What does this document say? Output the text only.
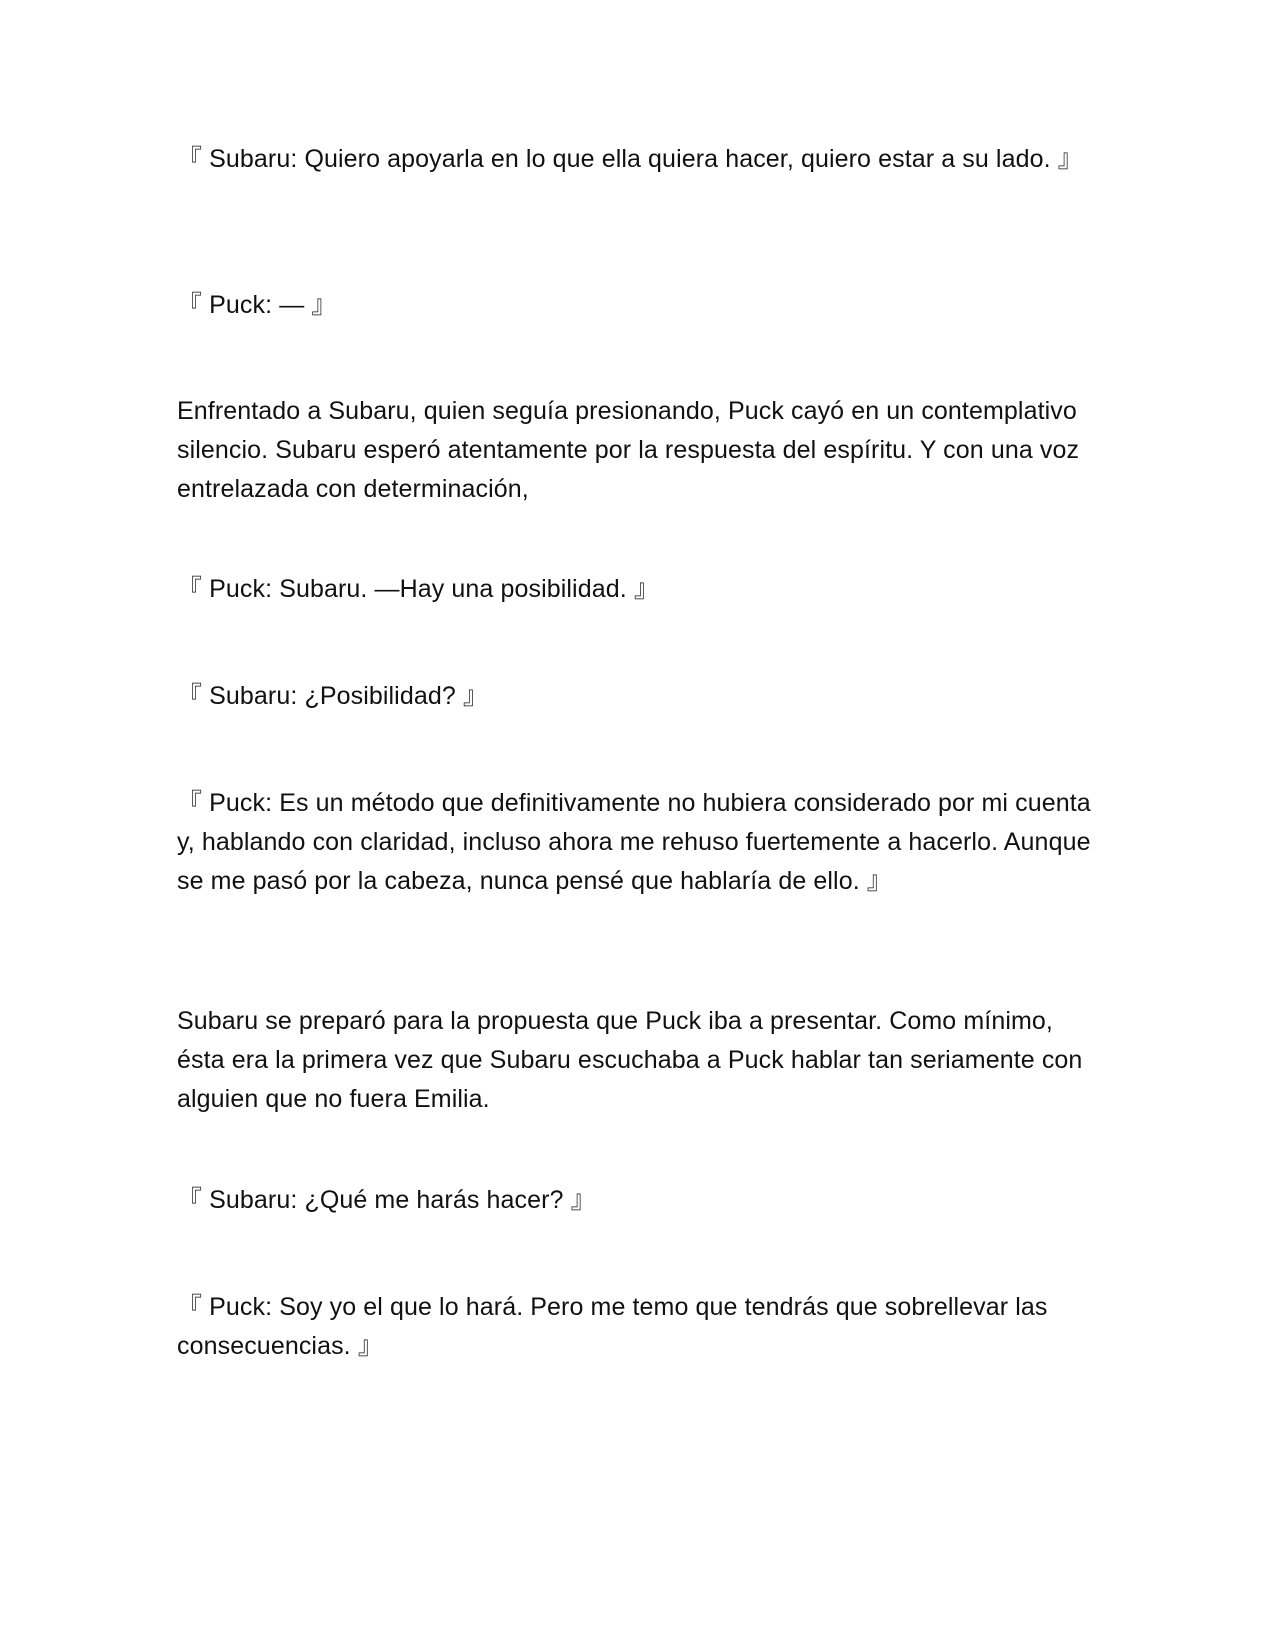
『 Subaru: Quiero apoyarla en lo que ella quiera hacer, quiero estar a su lado. 』

『 Puck: — 』

Enfrentado a Subaru, quien seguía presionando, Puck cayó en un contemplativo silencio. Subaru esperó atentamente por la respuesta del espíritu. Y con una voz entrelazada con determinación,

『 Puck: Subaru. —Hay una posibilidad. 』

『 Subaru: ¿Posibilidad? 』

『 Puck: Es un método que definitivamente no hubiera considerado por mi cuenta y, hablando con claridad, incluso ahora me rehuso fuertemente a hacerlo. Aunque se me pasó por la cabeza, nunca pensé que hablaría de ello. 』

Subaru se preparó para la propuesta que Puck iba a presentar. Como mínimo, ésta era la primera vez que Subaru escuchaba a Puck hablar tan seriamente con alguien que no fuera Emilia.

『 Subaru: ¿Qué me harás hacer? 』

『 Puck: Soy yo el que lo hará. Pero me temo que tendrás que sobrellevar las consecuencias. 』
